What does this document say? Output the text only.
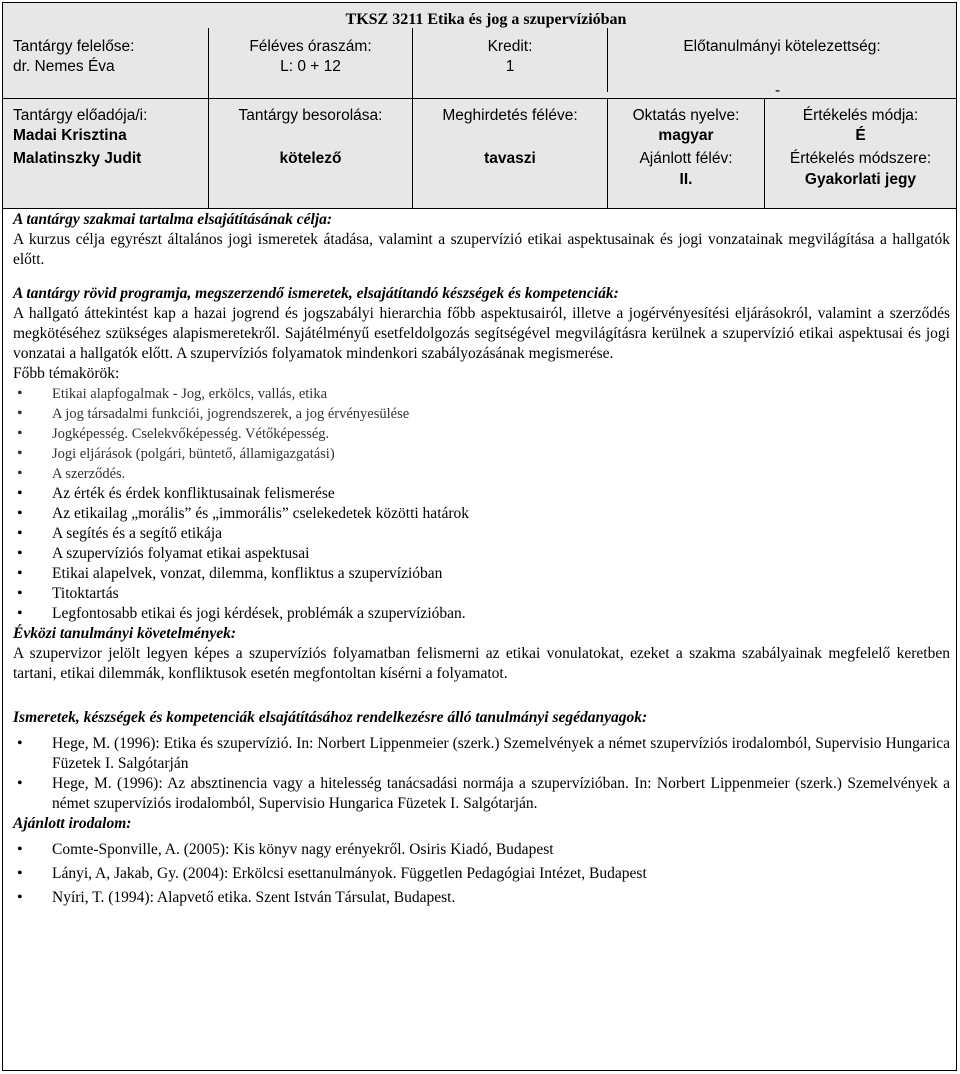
TKSZ 3211 Etika és jog a szupervízióban
Tantárgy felelőse:
dr. Nemes Éva
Féléves óraszám:
L: 0 + 12
Kredit:
1
Előtanulmányi kötelezettség:
-
Tantárgy előadója/i:
Madai Krisztina
Malatinszky Judit
Tantárgy besorolása:
kötelező
Meghirdetés féléve:
tavaszi
Oktatás nyelve:
magyar
Ajánlott félév:
II.
Értékelés módja:
É
Értékelés módszere:
Gyakorlati jegy
A tantárgy szakmai tartalma elsajátításának célja:
A kurzus célja egyrészt általános jogi ismeretek átadása, valamint a szupervízió etikai aspektusainak és jogi vonzatainak megvilágítása a hallgatók előtt.
A tantárgy rövid programja, megszerzendő ismeretek, elsajátítandó készségek és kompetenciák:
A hallgató áttekintést kap a hazai jogrend és jogszabályi hierarchia főbb aspektusairól, illetve a jogérvényesítési eljárásokról, valamint a szerződés megkötéséhez szükséges alapismeretekről. Sajátélményű esetfeldolgozás segítségével megvilágításra kerülnek a szupervízió etikai aspektusai és jogi vonzatai a hallgatók előtt. A szupervíziós folyamatok mindenkori szabályozásának megismerése.
Főbb témakörök:
• Etikai alapfogalmak - Jog, erkölcs, vallás, etika
• A jog társadalmi funkciói, jogrendszerek, a jog érvényesülése
• Jogképesség. Cselekvőképesség. Vétőképesség.
• Jogi eljárások (polgári, büntető, államigazgatási)
• A szerződés.
• Az érték és érdek konfliktusainak felismerése
• Az etikailag „morális” és „immorális” cselekedetek közötti határok
• A segítés és a segítő etikája
• A szupervíziós folyamat etikai aspektusai
• Etikai alapelvek, vonzat, dilemma, konfliktus a szupervízióban
• Titoktartás
• Legfontosabb etikai és jogi kérdések, problémák a szupervízióban.
Évközi tanulmányi követelmények:
A szupervizor jelölt legyen képes a szupervíziós folyamatban felismerni az etikai vonulatokat, ezeket a szakma szabályainak megfelelő keretben tartani, etikai dilemmák, konfliktusok esetén megfontoltan kísérni a folyamatot.
Ismeretek, készségek és kompetenciák elsajátításához rendelkezésre álló tanulmányi segédanyagok:
• Hege, M. (1996): Etika és szupervízió. In: Norbert Lippenmeier (szerk.) Szemelvények a német szupervíziós irodalomból, Supervisio Hungarica Füzetek I. Salgótarján
• Hege, M. (1996): Az absztinencia vagy a hitelesség tanácsadási normája a szupervízióban. In: Norbert Lippenmeier (szerk.) Szemelvények a német szupervíziós irodalomból, Supervisio Hungarica Füzetek I. Salgótarján.
Ajánlott irodalom:
• Comte-Sponville, A. (2005): Kis könyv nagy erényekről. Osiris Kiadó, Budapest
• Lányi, A, Jakab, Gy. (2004): Erkölcsi esettanulmányok. Független Pedagógiai Intézet, Budapest
• Nyíri, T. (1994): Alapvető etika. Szent István Társulat, Budapest.
